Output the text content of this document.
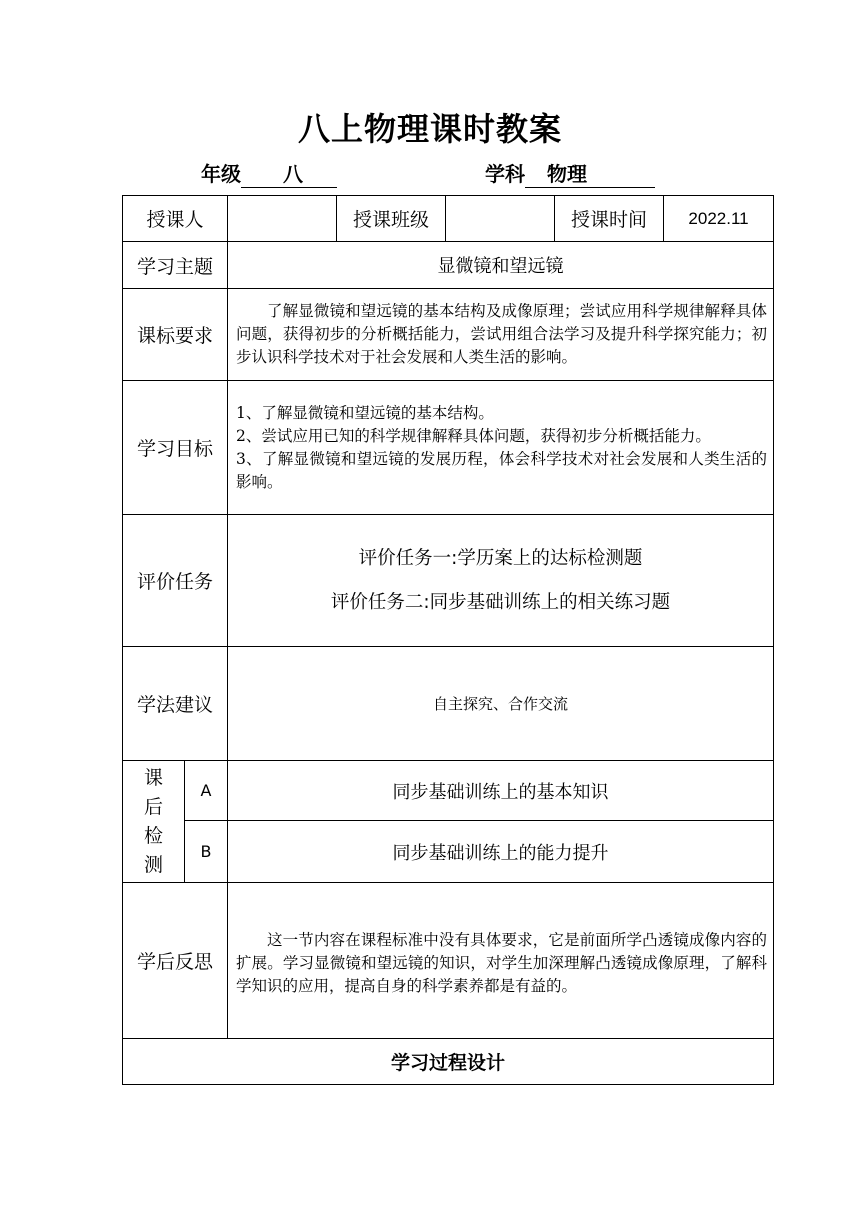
八上物理课时教案
年级 八	学科 物理
授课人			授课班级		授课时间	2022.11
学习主题		显微镜和望远镜				
课标要求		了解显微镜和望远镜的基本结构及成像原理；尝试应用科学规律解释具体问题，获得初步的分析概括能力，尝试用组合法学习及提升科学探究能力；初步认识科学技术对于社会发展和人类生活的影响。				
学习目标		1、了解显微镜和望远镜的基本结构。
2、尝试应用已知的科学规律解释具体问题，获得初步分析概括能力。
3、了解显微镜和望远镜的发展历程，体会科学技术对社会发展和人类生活的影响。				

评价任务		评价任务一:学历案上的达标检测题
评价任务二:同步基础训练上的相关练习题				

学法建议		自主探究、合作交流				

课
后
检
测	A	同步基础训练上的基本知识				
	B	同步基础训练上的能力提升				
学后反思		这一节内容在课程标准中没有具体要求，它是前面所学凸透镜成像内容的扩展。学习显微镜和望远镜的知识，对学生加深理解凸透镜成像原理，了解科学知识的应用，提高自身的科学素养都是有益的。				
学习过程设计						
